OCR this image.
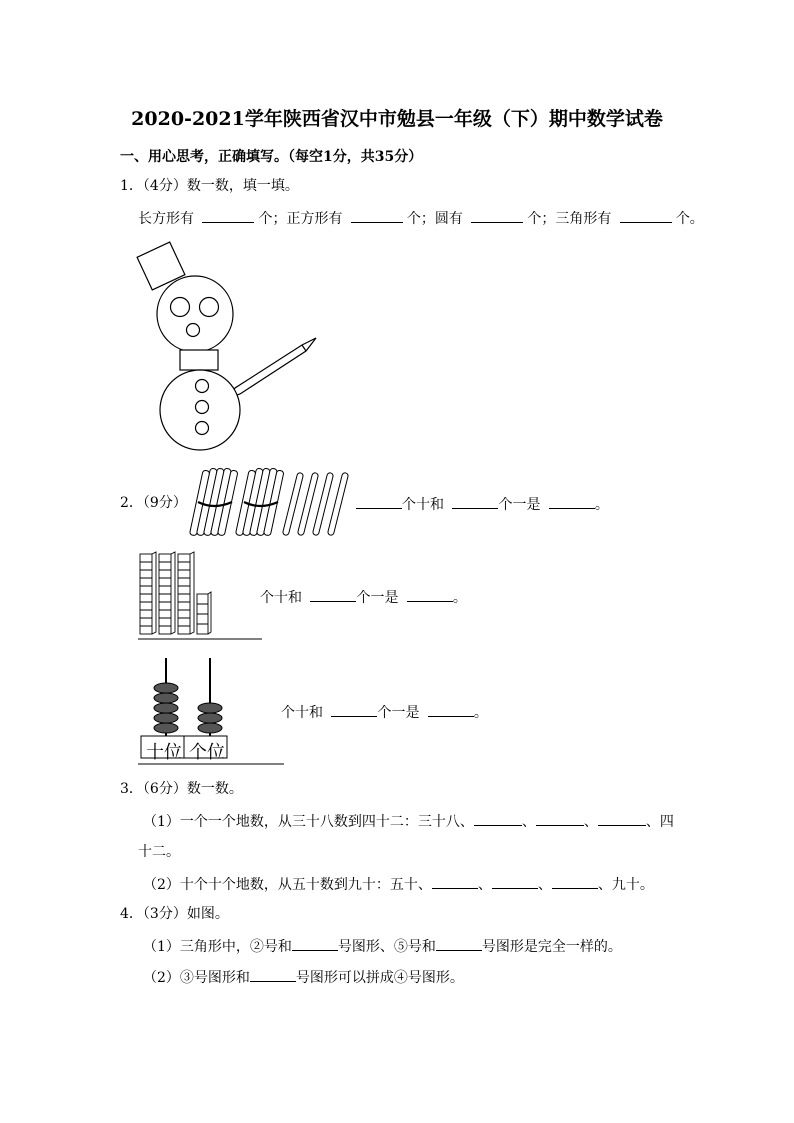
2020-2021学年陕西省汉中市勉县一年级（下）期中数学试卷
一、用心思考，正确填写。（每空1分，共35分）
1．（4分）数一数，填一填。
长方形有	个；正方形有	个；圆有	个；三角形有	个。
2．（9分）	个十和	个一是	。
个十和	个一是	。
十位 个位
个十和	个一是	。
3．（6分）数一数。
（1）一个一个地数，从三十八数到四十二：三十八、	、	、	、四
十二。
（2）十个十个地数，从五十数到九十：五十、	、	、	、九十。
4．（3分）如图。
（1）三角形中，②号和	号图形、⑤号和	号图形是完全一样的。
（2）③号图形和	号图形可以拼成④号图形。
